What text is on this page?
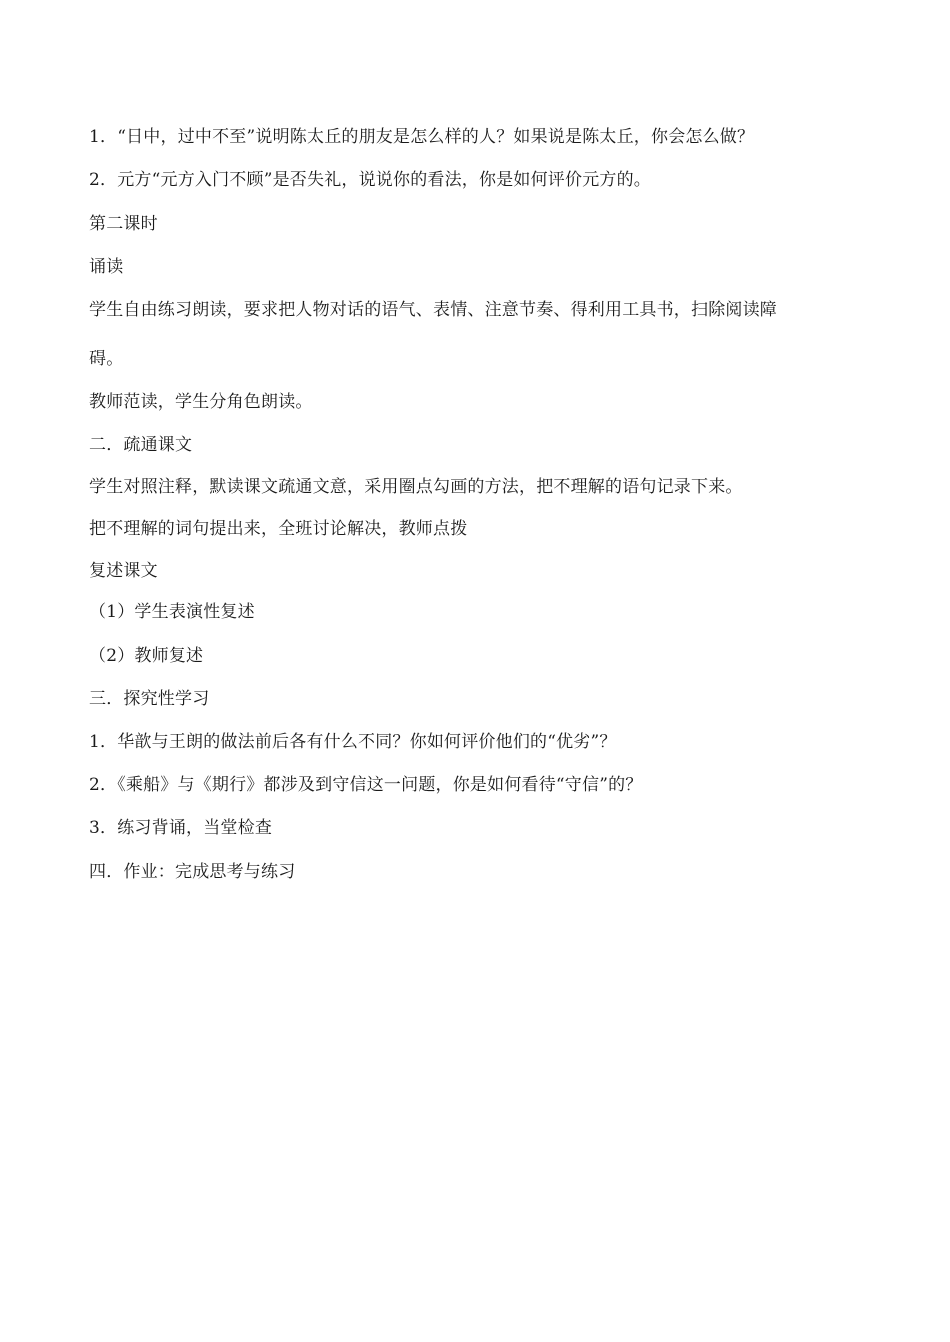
1．“日中，过中不至”说明陈太丘的朋友是怎么样的人？如果说是陈太丘，你会怎么做？
2．元方“元方入门不顾”是否失礼，说说你的看法，你是如何评价元方的。
第二课时
诵读
学生自由练习朗读，要求把人物对话的语气、表情、注意节奏、得利用工具书，扫除阅读障
碍。
教师范读，学生分角色朗读。
二．疏通课文
学生对照注释，默读课文疏通文意，采用圈点勾画的方法，把不理解的语句记录下来。
把不理解的词句提出来，全班讨论解决，教师点拨
复述课文
（1）学生表演性复述
（2）教师复述
三．探究性学习
1．华歆与王朗的做法前后各有什么不同？你如何评价他们的“优劣”？
2．《乘船》与《期行》都涉及到守信这一问题，你是如何看待“守信”的？
3．练习背诵，当堂检查
四．作业：完成思考与练习
